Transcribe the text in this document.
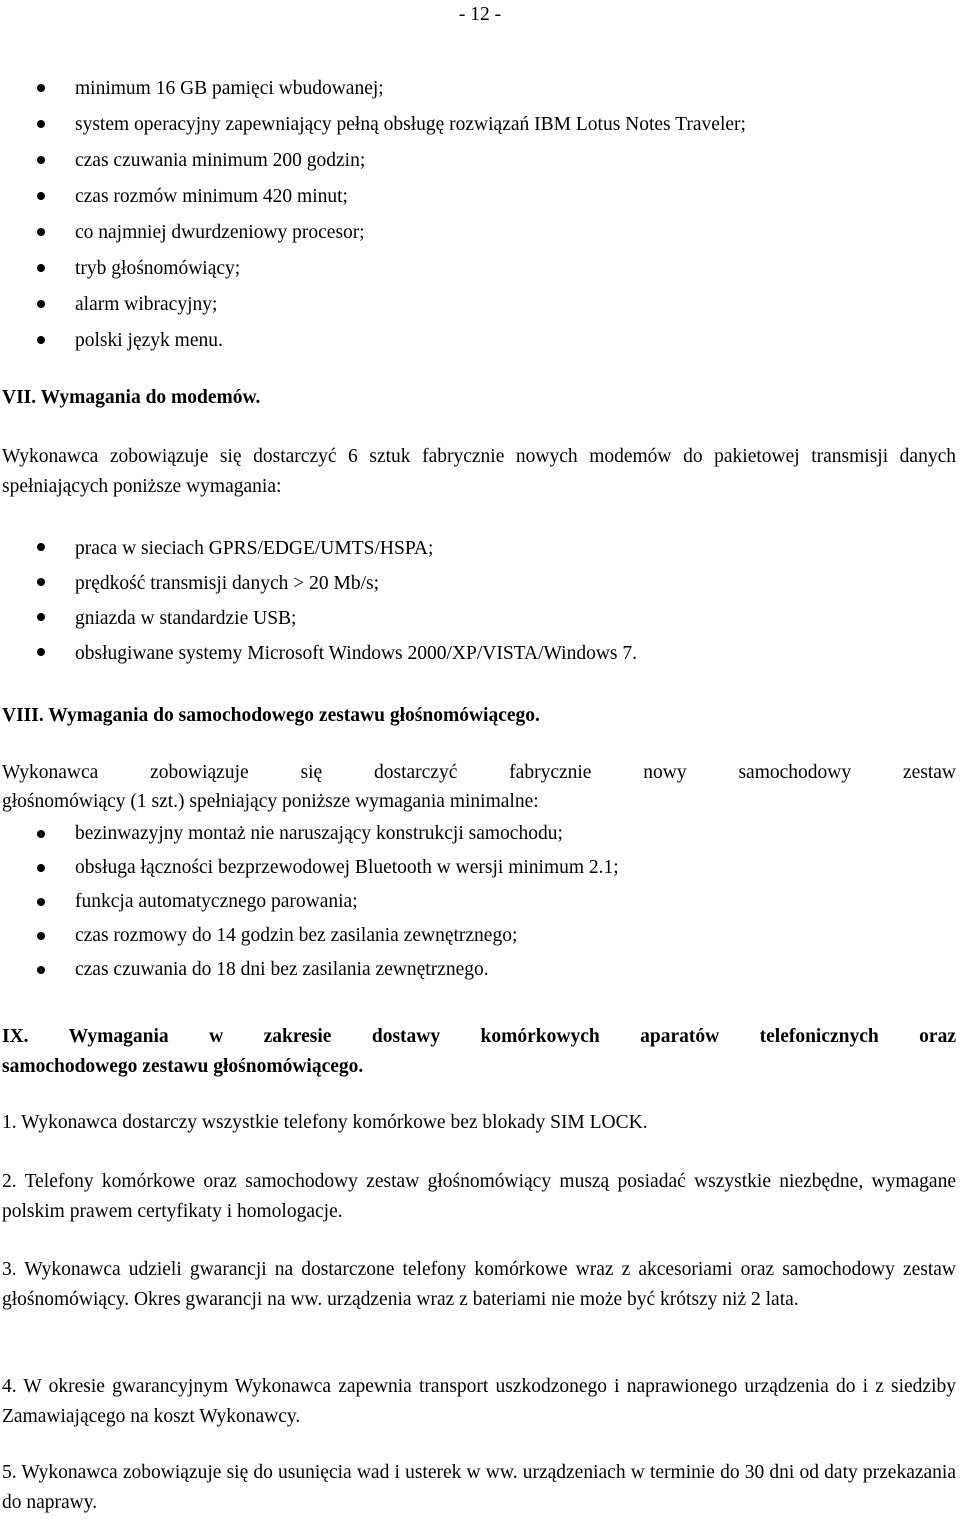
- 12 -
minimum 16 GB pamięci wbudowanej;
system operacyjny zapewniający pełną obsługę rozwiązań IBM Lotus Notes Traveler;
czas czuwania minimum 200 godzin;
czas rozmów minimum 420 minut;
co najmniej dwurdzeniowy procesor;
tryb głośnomówiący;
alarm wibracyjny;
polski język menu.
VII. Wymagania do modemów.

Wykonawca zobowiązuje się dostarczyć 6 sztuk fabrycznie nowych modemów do pakietowej transmisji danych spełniających poniższe wymagania:

praca w sieciach GPRS/EDGE/UMTS/HSPA;
prędkość transmisji danych > 20 Mb/s;
gniazda w standardzie USB;
obsługiwane systemy Microsoft Windows 2000/XP/VISTA/Windows 7.
VIII. Wymagania do samochodowego zestawu głośnomówiącego.

Wykonawca zobowiązuje się dostarczyć fabrycznie nowy samochodowy zestaw

głośnomówiący (1 szt.) spełniający poniższe wymagania minimalne:

bezinwazyjny montaż nie naruszający konstrukcji samochodu;
obsługa łączności bezprzewodowej Bluetooth w wersji minimum 2.1;
funkcja automatycznego parowania;
czas rozmowy do 14 godzin bez zasilania zewnętrznego;
czas czuwania do 18 dni bez zasilania zewnętrznego.

IX. Wymagania w zakresie dostawy komórkowych aparatów telefonicznych oraz

samochodowego zestawu głośnomówiącego.

1. Wykonawca dostarczy wszystkie telefony komórkowe bez blokady SIM LOCK.

2. Telefony komórkowe oraz samochodowy zestaw głośnomówiący muszą posiadać wszystkie niezbędne, wymagane polskim prawem certyfikaty i homologacje.

3. Wykonawca udzieli gwarancji na dostarczone telefony komórkowe wraz z akcesoriami oraz samochodowy zestaw głośnomówiący. Okres gwarancji na ww. urządzenia wraz z bateriami nie może być krótszy niż 2 lata.

4. W okresie gwarancyjnym Wykonawca zapewnia transport uszkodzonego i naprawionego urządzenia do i z siedziby Zamawiającego na koszt Wykonawcy.

5. Wykonawca zobowiązuje się do usunięcia wad i usterek w ww. urządzeniach w terminie do 30 dni od daty przekazania do naprawy.
